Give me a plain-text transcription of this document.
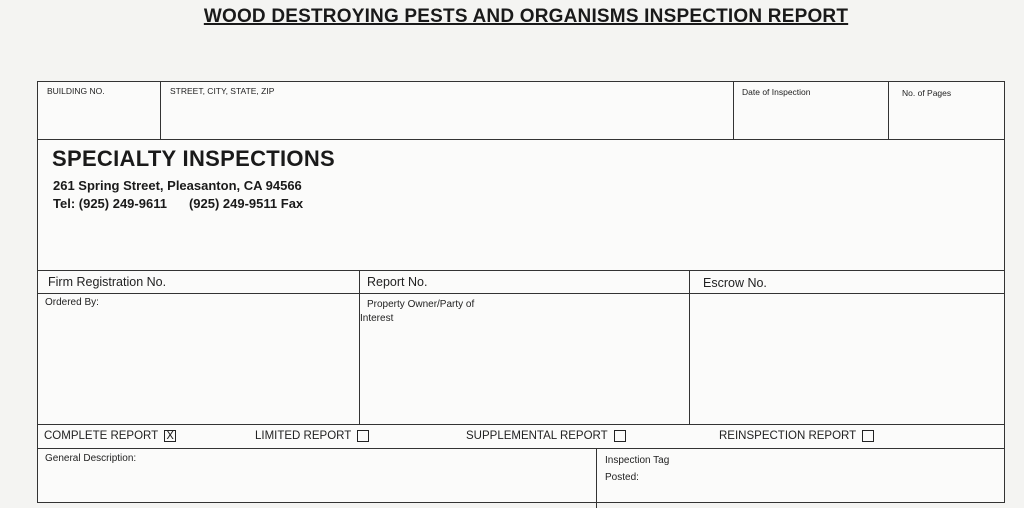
WOOD DESTROYING PESTS AND ORGANISMS INSPECTION REPORT
BUILDING NO.	STREET, CITY, STATE, ZIP	Date of Inspection	No. of Pages
SPECIALTY INSPECTIONS
261 Spring Street, Pleasanton, CA 94566
Tel: (925) 249-9611 (925) 249-9511 Fax
Firm Registration No.	Report No.	Escrow No.
Ordered By:	Property Owner/Party of
Interest
COMPLETE REPORT X	LIMITED REPORT	SUPPLEMENTAL REPORT	REINSPECTION REPORT
General Description:	Inspection Tag
Posted:
